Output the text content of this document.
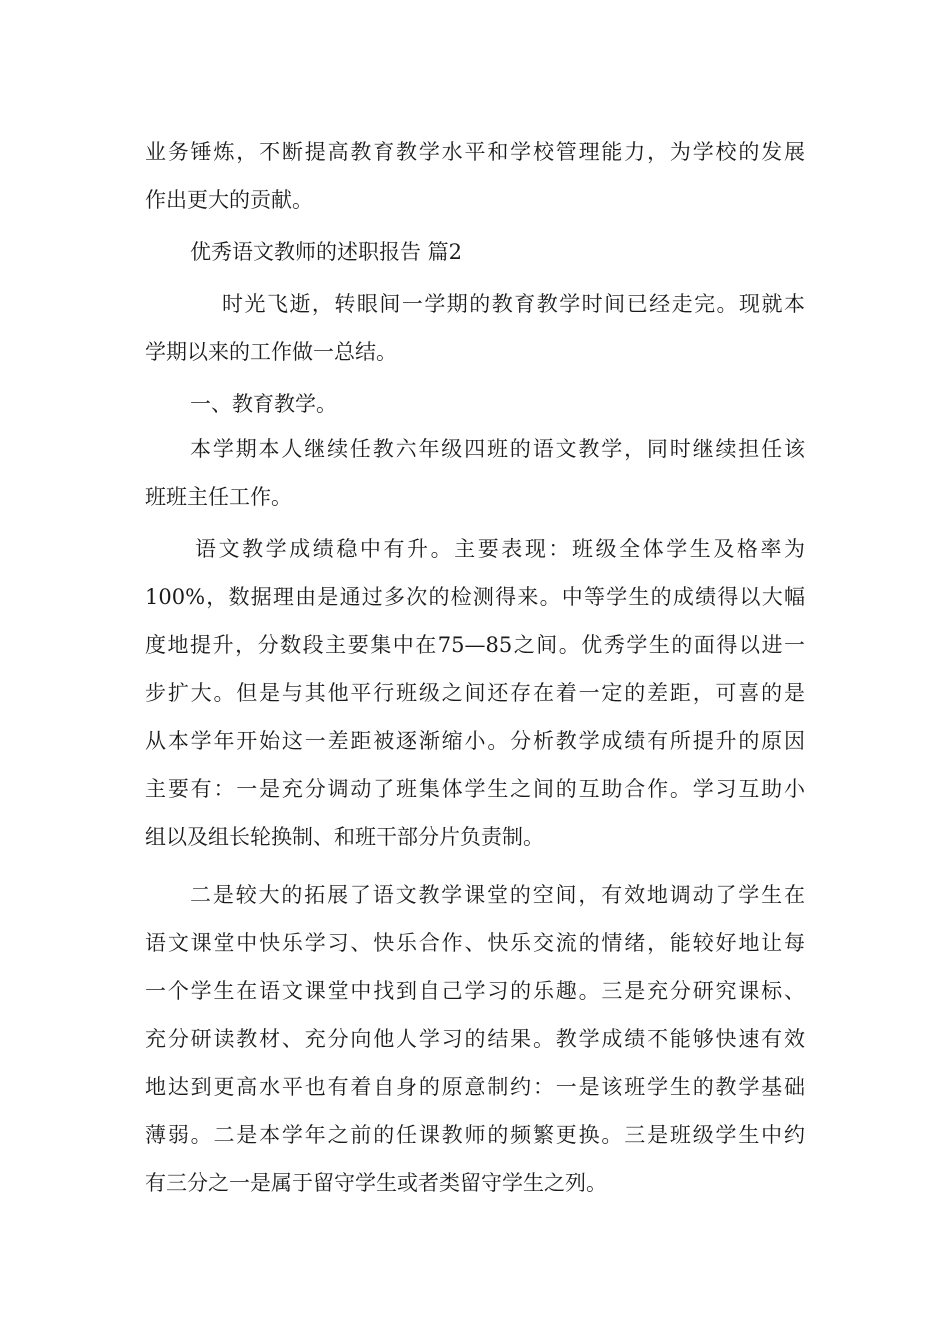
业务锤炼，不断提高教育教学水平和学校管理能力，为学校的发展
作出更大的贡献。
优秀语文教师的述职报告 篇2
时光飞逝，转眼间一学期的教育教学时间已经走完。现就本
学期以来的工作做一总结。
一、教育教学。
本学期本人继续任教六年级四班的语文教学，同时继续担任该
班班主任工作。
语文教学成绩稳中有升。主要表现：班级全体学生及格率为
100%，数据理由是通过多次的检测得来。中等学生的成绩得以大幅
度地提升，分数段主要集中在75—85之间。优秀学生的面得以进一
步扩大。但是与其他平行班级之间还存在着一定的差距，可喜的是
从本学年开始这一差距被逐渐缩小。分析教学成绩有所提升的原因
主要有：一是充分调动了班集体学生之间的互助合作。学习互助小
组以及组长轮换制、和班干部分片负责制。
二是较大的拓展了语文教学课堂的空间，有效地调动了学生在
语文课堂中快乐学习、快乐合作、快乐交流的情绪，能较好地让每
一个学生在语文课堂中找到自己学习的乐趣。三是充分研究课标、
充分研读教材、充分向他人学习的结果。教学成绩不能够快速有效
地达到更高水平也有着自身的原意制约：一是该班学生的教学基础
薄弱。二是本学年之前的任课教师的频繁更换。三是班级学生中约
有三分之一是属于留守学生或者类留守学生之列。
